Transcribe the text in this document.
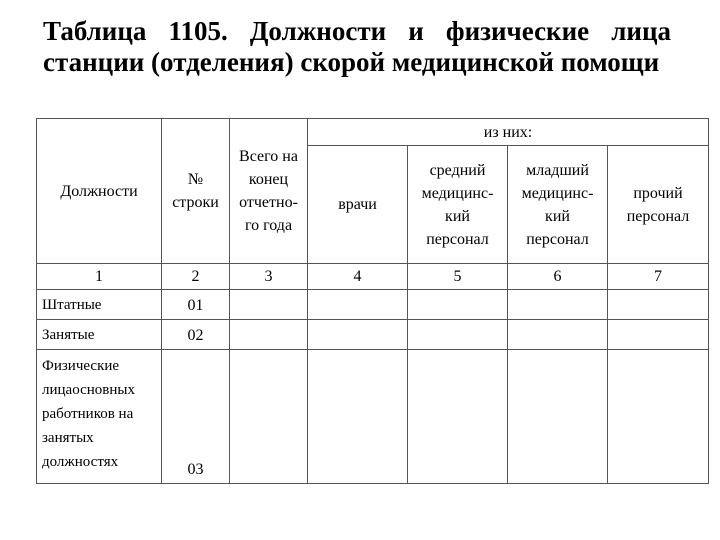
Таблица 1105. Должности и физические лица станции (отделения) скорой медицинской помощи
Должности	№ строки	Всего на конец отчетно- го года	из них:			
			врачи	средний медицинс- кий персонал	младший медицинс- кий персонал	прочий персонал

1	2	3	4	5	6	7
Штатные	01					
Занятые	02					
Физические лицаосновных работников на занятых должностях	03					
